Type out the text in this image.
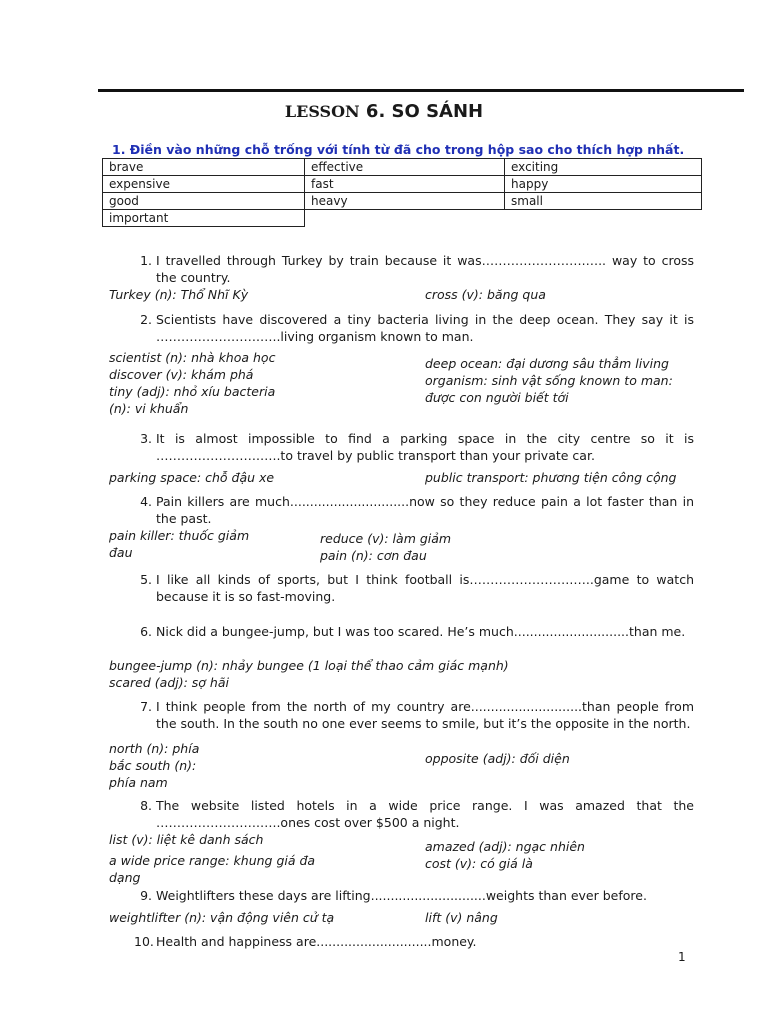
LESSON 6. SO SÁNH
1. Điền vào những chỗ trống với tính từ đã cho trong hộp sao cho thích hợp nhất.
brave	effective	exciting
expensive	fast	happy
good	heavy	small
important		
1. I travelled through Turkey by train because it was…………………….….. way to cross the country.
Turkey (n): Thổ Nhĩ Kỳ	cross (v): băng qua
2. Scientists have discovered a tiny bacteria living in the deep ocean. They say it is …………………….…..living organism known to man.
scientist (n): nhà khoa học discover (v): khám phá tiny (adj): nhỏ xíu bacteria (n): vi khuẩn
deep ocean: đại dương sâu thẳm living organism: sinh vật sống known to man: được con người biết tới
3. It is almost impossible to find a parking space in the city centre so it is …………………….…..to travel by public transport than your private car.
parking space: chỗ đậu xe	public transport: phương tiện công cộng
4. Pain killers are much..............................now so they reduce pain a lot faster than in the past.
pain killer: thuốc giảm đau
reduce (v): làm giảm
pain (n): cơn đau
5. I like all kinds of sports, but I think football is…………………….…..game to watch because it is so fast-moving.
6. Nick did a bungee-jump, but I was too scared. He’s much.............................than me.
bungee-jump (n): nhảy bungee (1 loại thể thao cảm giác mạnh)
scared (adj): sợ hãi
7. I think people from the north of my country are............................than people from the south. In the south no one ever seems to smile, but it’s the opposite in the north.
north (n): phía bắc south (n): phía nam
opposite (adj): đối diện
8. The website listed hotels in a wide price range. I was amazed that the …………………….…..ones cost over $500 a night.
list (v): liệt kê danh sách	amazed (adj): ngạc nhiên
a wide price range: khung giá đa dạng
cost (v): có giá là
9. Weightlifters these days are lifting.............................weights than ever before.
weightlifter (n): vận động viên cử tạ	lift (v) nâng
10. Health and happiness are.............................money.
1
